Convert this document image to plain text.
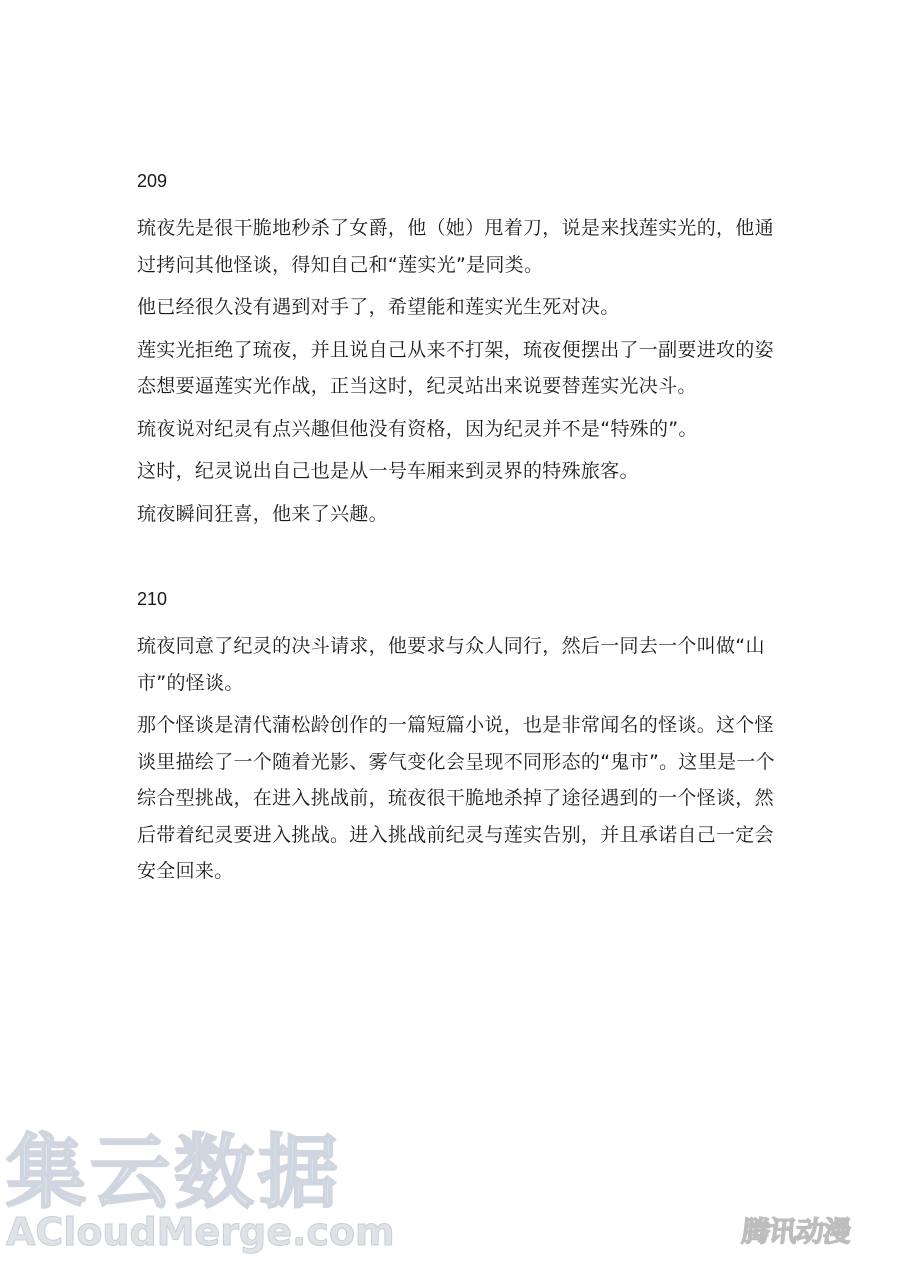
209

琉夜先是很干脆地秒杀了女爵，他（她）甩着刀，说是来找莲实光的，他通过拷问其他怪谈，得知自己和“莲实光”是同类。

他已经很久没有遇到对手了，希望能和莲实光生死对决。

莲实光拒绝了琉夜，并且说自己从来不打架，琉夜便摆出了一副要进攻的姿态想要逼莲实光作战，正当这时，纪灵站出来说要替莲实光决斗。

琉夜说对纪灵有点兴趣但他没有资格，因为纪灵并不是“特殊的”。

这时，纪灵说出自己也是从一号车厢来到灵界的特殊旅客。

琉夜瞬间狂喜，他来了兴趣。

210

琉夜同意了纪灵的决斗请求，他要求与众人同行，然后一同去一个叫做“山市”的怪谈。

那个怪谈是清代蒲松龄创作的一篇短篇小说，也是非常闻名的怪谈。这个怪谈里描绘了一个随着光影、雾气变化会呈现不同形态的“鬼市”。这里是一个综合型挑战，在进入挑战前，琉夜很干脆地杀掉了途径遇到的一个怪谈，然后带着纪灵要进入挑战。进入挑战前纪灵与莲实告别，并且承诺自己一定会安全回来。

集云数据
ACloudMerge.com	腾讯动漫
